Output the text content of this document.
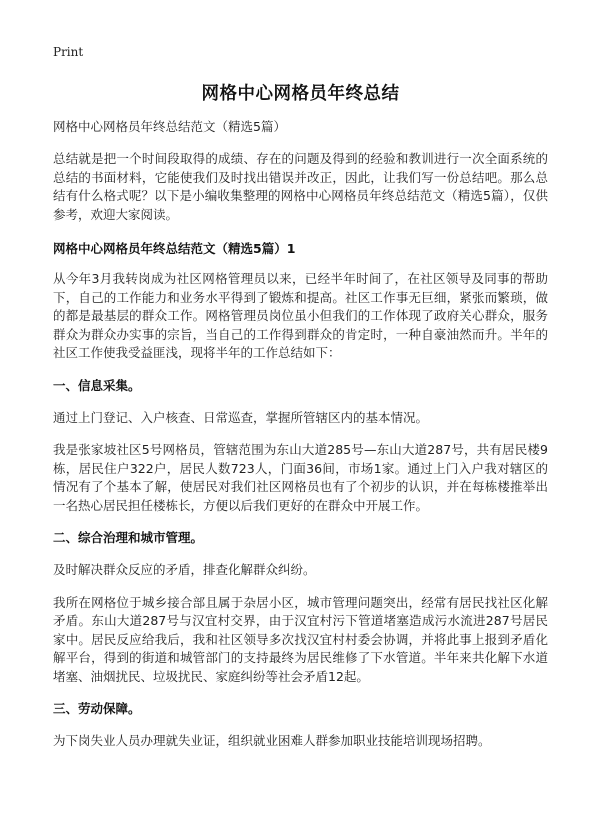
Print
网格中心网格员年终总结
网格中心网格员年终总结范文（精选5篇）

总结就是把一个时间段取得的成绩、存在的问题及得到的经验和教训进行一次全面系统的总结的书面材料，它能使我们及时找出错误并改正，因此，让我们写一份总结吧。那么总结有什么格式呢？以下是小编收集整理的网格中心网格员年终总结范文（精选5篇），仅供参考，欢迎大家阅读。

网格中心网格员年终总结范文（精选5篇）1

从今年3月我转岗成为社区网格管理员以来，已经半年时间了，在社区领导及同事的帮助下，自己的工作能力和业务水平得到了锻炼和提高。社区工作事无巨细，紧张而繁琐，做的都是最基层的群众工作。网格管理员岗位虽小但我们的工作体现了政府关心群众，服务群众为群众办实事的宗旨，当自己的工作得到群众的肯定时，一种自豪油然而升。半年的社区工作使我受益匪浅，现将半年的工作总结如下：

一、信息采集。

通过上门登记、入户核查、日常巡查，掌握所管辖区内的基本情况。

我是张家坡社区5号网格员，管辖范围为东山大道285号—东山大道287号，共有居民楼9栋，居民住户322户，居民人数723人，门面36间，市场1家。通过上门入户我对辖区的情况有了个基本了解，使居民对我们社区网格员也有了个初步的认识，并在每栋楼推举出一名热心居民担任楼栋长，方便以后我们更好的在群众中开展工作。

二、综合治理和城市管理。

及时解决群众反应的矛盾，排查化解群众纠纷。

我所在网格位于城乡接合部且属于杂居小区，城市管理问题突出，经常有居民找社区化解矛盾。东山大道287号与汉宜村交界，由于汉宜村污下管道堵塞造成污水流进287号居民家中。居民反应给我后，我和社区领导多次找汉宜村村委会协调，并将此事上报到矛盾化解平台，得到的街道和城管部门的支持最终为居民维修了下水管道。半年来共化解下水道堵塞、油烟扰民、垃圾扰民、家庭纠纷等社会矛盾12起。

三、劳动保障。

为下岗失业人员办理就失业证，组织就业困难人群参加职业技能培训现场招聘。
